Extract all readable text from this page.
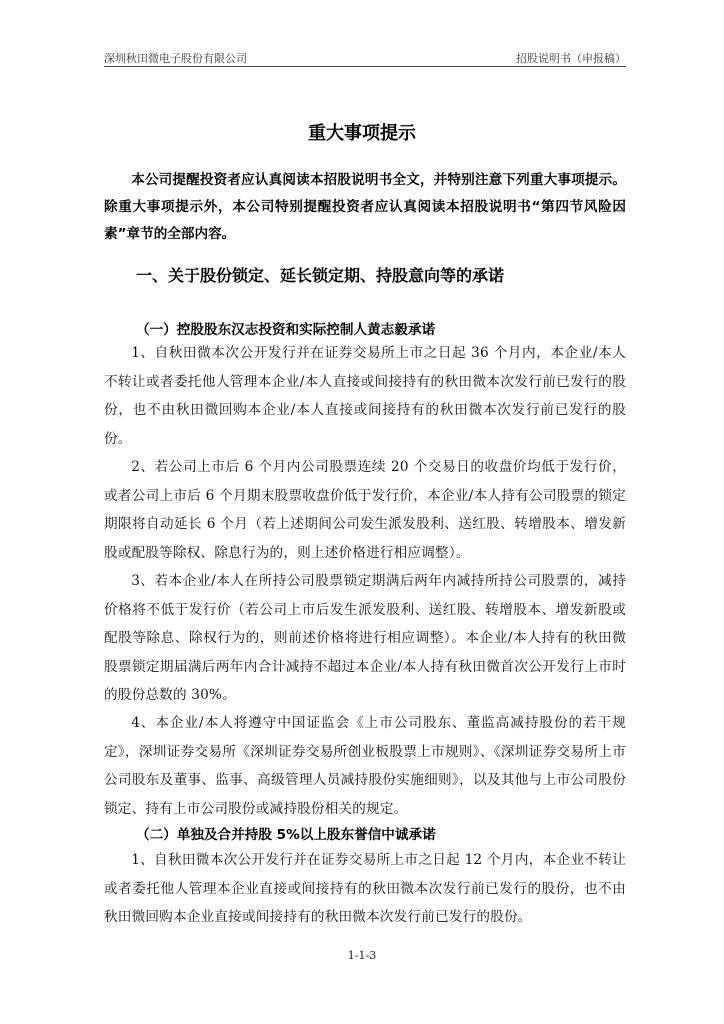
深圳秋田微电子股份有限公司	招股说明书（申报稿）
重大事项提示
本公司提醒投资者应认真阅读本招股说明书全文，并特别注意下列重大事项提示。除重大事项提示外，本公司特别提醒投资者应认真阅读本招股说明书“第四节风险因素”章节的全部内容。
一、关于股份锁定、延长锁定期、持股意向等的承诺
（一）控股股东汉志投资和实际控制人黄志毅承诺
1、自秋田微本次公开发行并在证券交易所上市之日起 36 个月内，本企业/本人不转让或者委托他人管理本企业/本人直接或间接持有的秋田微本次发行前已发行的股份，也不由秋田微回购本企业/本人直接或间接持有的秋田微本次发行前已发行的股份。
2、若公司上市后 6 个月内公司股票连续 20 个交易日的收盘价均低于发行价，或者公司上市后 6 个月期末股票收盘价低于发行价，本企业/本人持有公司股票的锁定期限将自动延长 6 个月（若上述期间公司发生派发股利、送红股、转增股本、增发新股或配股等除权、除息行为的，则上述价格进行相应调整）。
3、若本企业/本人在所持公司股票锁定期满后两年内减持所持公司股票的，减持价格将不低于发行价（若公司上市后发生派发股利、送红股、转增股本、增发新股或配股等除息、除权行为的，则前述价格将进行相应调整）。本企业/本人持有的秋田微股票锁定期届满后两年内合计减持不超过本企业/本人持有秋田微首次公开发行上市时的股份总数的 30%。
4、本企业/本人将遵守中国证监会《上市公司股东、董监高减持股份的若干规定》，深圳证券交易所《深圳证券交易所创业板股票上市规则》、《深圳证券交易所上市公司股东及董事、监事、高级管理人员减持股份实施细则》，以及其他与上市公司股份锁定、持有上市公司股份或减持股份相关的规定。
（二）单独及合并持股 5%以上股东誉信中诚承诺
1、自秋田微本次公开发行并在证券交易所上市之日起 12 个月内，本企业不转让或者委托他人管理本企业直接或间接持有的秋田微本次发行前已发行的股份，也不由秋田微回购本企业直接或间接持有的秋田微本次发行前已发行的股份。
1-1-3
